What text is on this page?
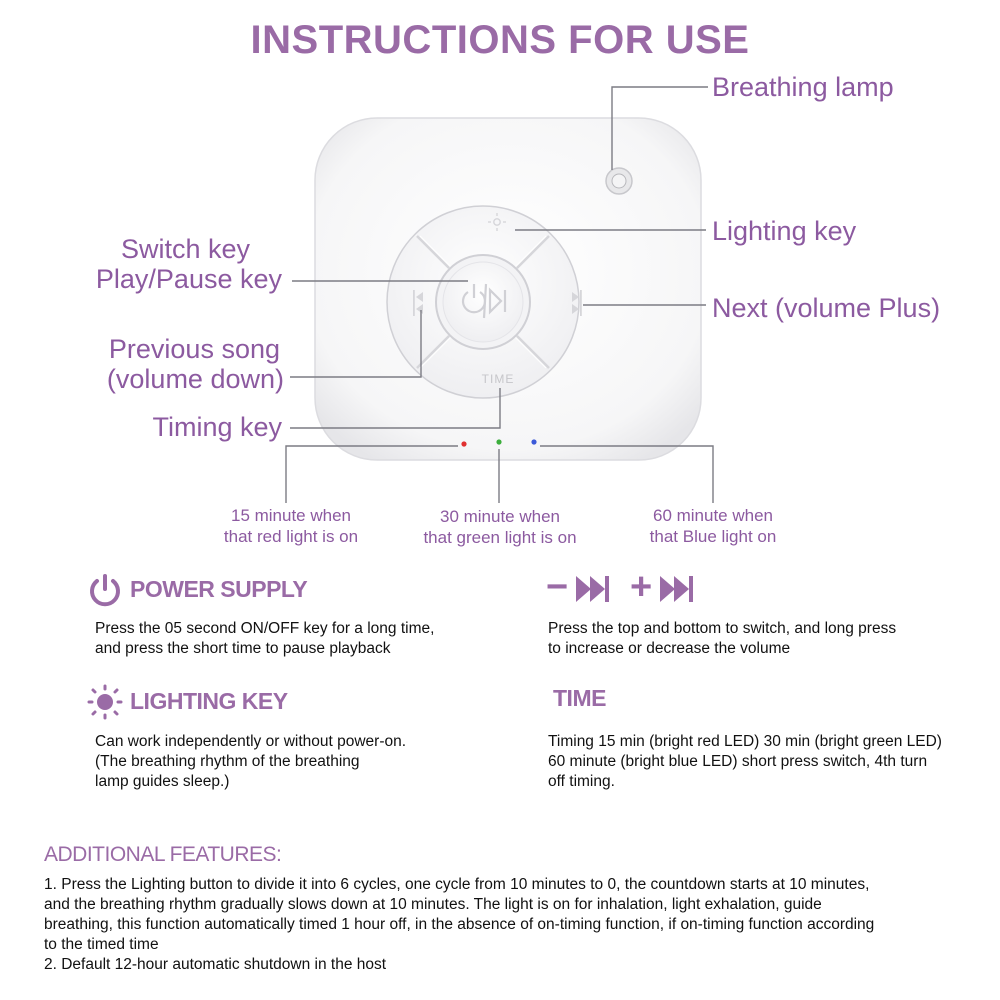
INSTRUCTIONS FOR USE
TIME
Breathing lamp
Lighting key
Next (volume Plus)
Switch key
Play/Pause key
Previous song
(volume down)
Timing key
15 minute when
that red light is on
30 minute when
that green light is on
60 minute when
that Blue light on
POWER SUPPLY
Press the 05 second ON/OFF key for a long time,
and press the short time to pause playback
− +
Press the top and bottom to switch, and long press
to increase or decrease the volume
LIGHTING KEY
Can work independently or without power-on.
(The breathing rhythm of the breathing
lamp guides sleep.)
TIME
Timing 15 min (bright red LED) 30 min (bright green LED)
60 minute (bright blue LED) short press switch, 4th turn
off timing.
ADDITIONAL FEATURES:
1. Press the Lighting button to divide it into 6 cycles, one cycle from 10 minutes to 0, the countdown starts at 10 minutes,
and the breathing rhythm gradually slows down at 10 minutes. The light is on for inhalation, light exhalation, guide
breathing, this function automatically timed 1 hour off, in the absence of on-timing function, if on-timing function according
to the timed time
2. Default 12-hour automatic shutdown in the host
